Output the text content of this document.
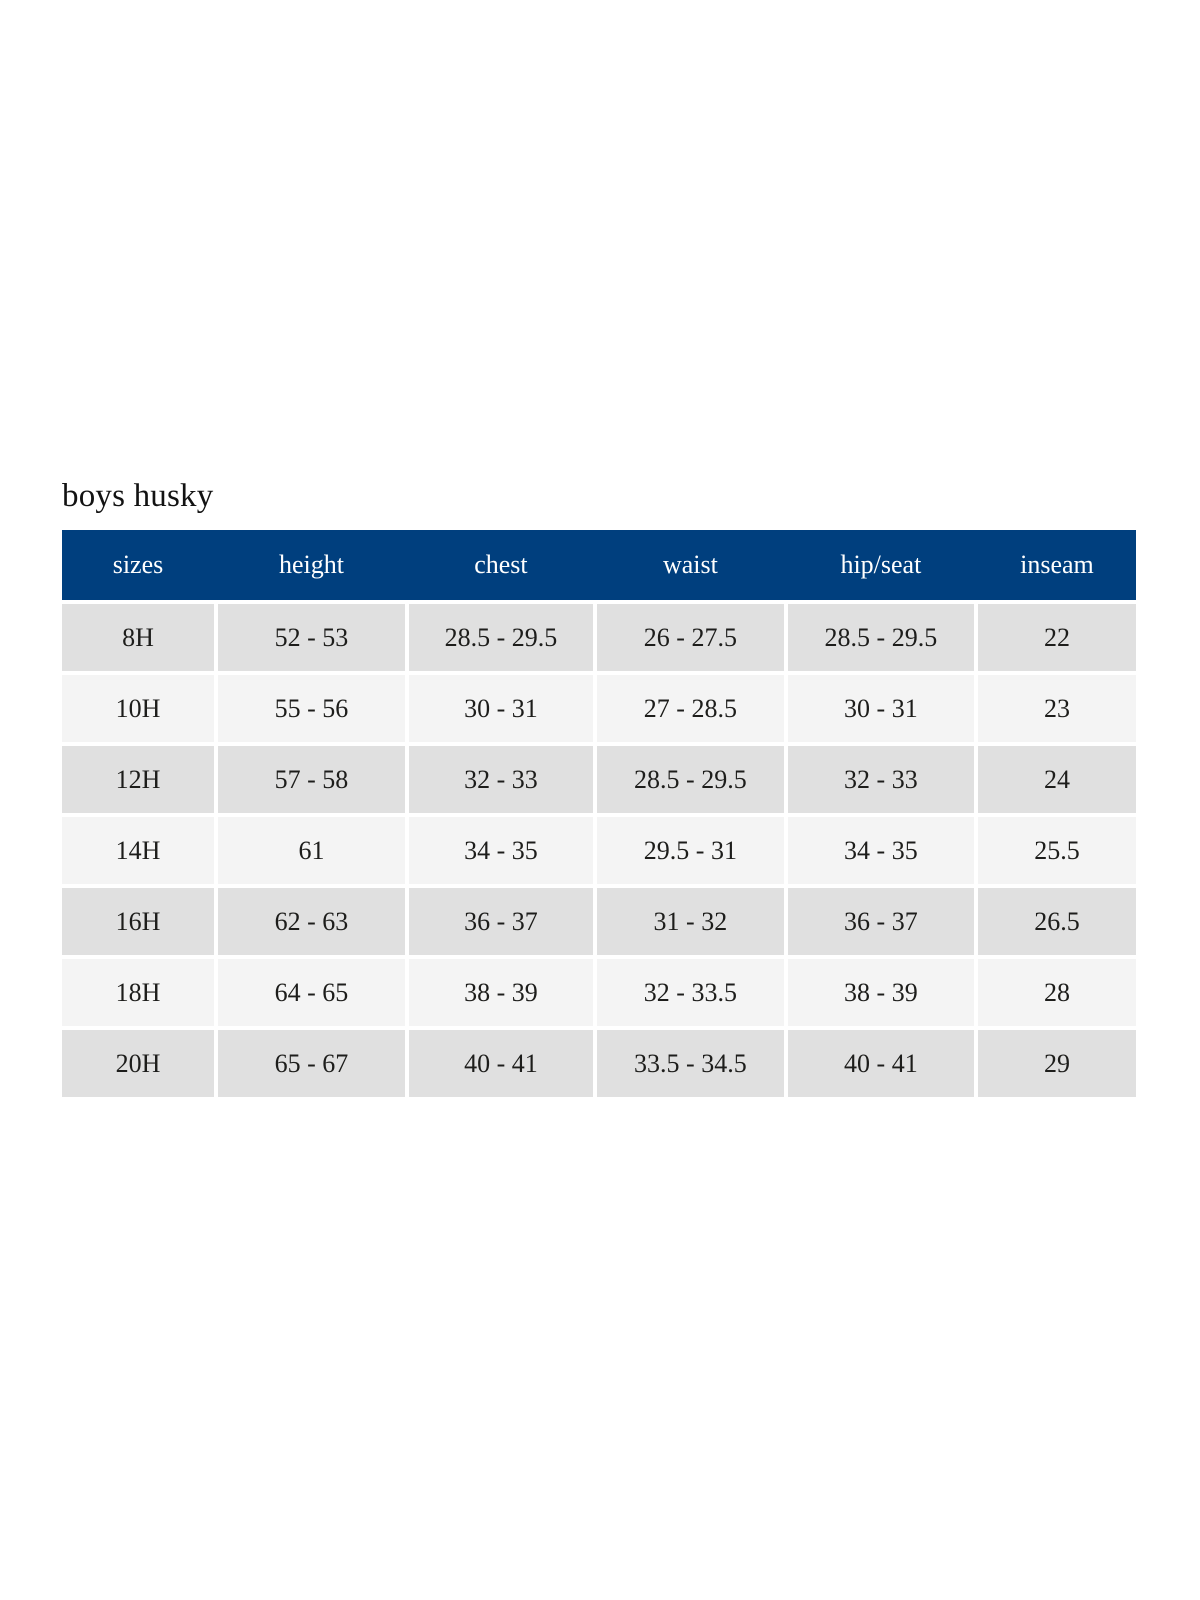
boys husky
sizes	height	chest	waist	hip/seat	inseam
8H	52 - 53	28.5 - 29.5	26 - 27.5	28.5 - 29.5	22
10H	55 - 56	30 - 31	27 - 28.5	30 - 31	23
12H	57 - 58	32 - 33	28.5 - 29.5	32 - 33	24
14H	61	34 - 35	29.5 - 31	34 - 35	25.5
16H	62 - 63	36 - 37	31 - 32	36 - 37	26.5
18H	64 - 65	38 - 39	32 - 33.5	38 - 39	28
20H	65 - 67	40 - 41	33.5 - 34.5	40 - 41	29
